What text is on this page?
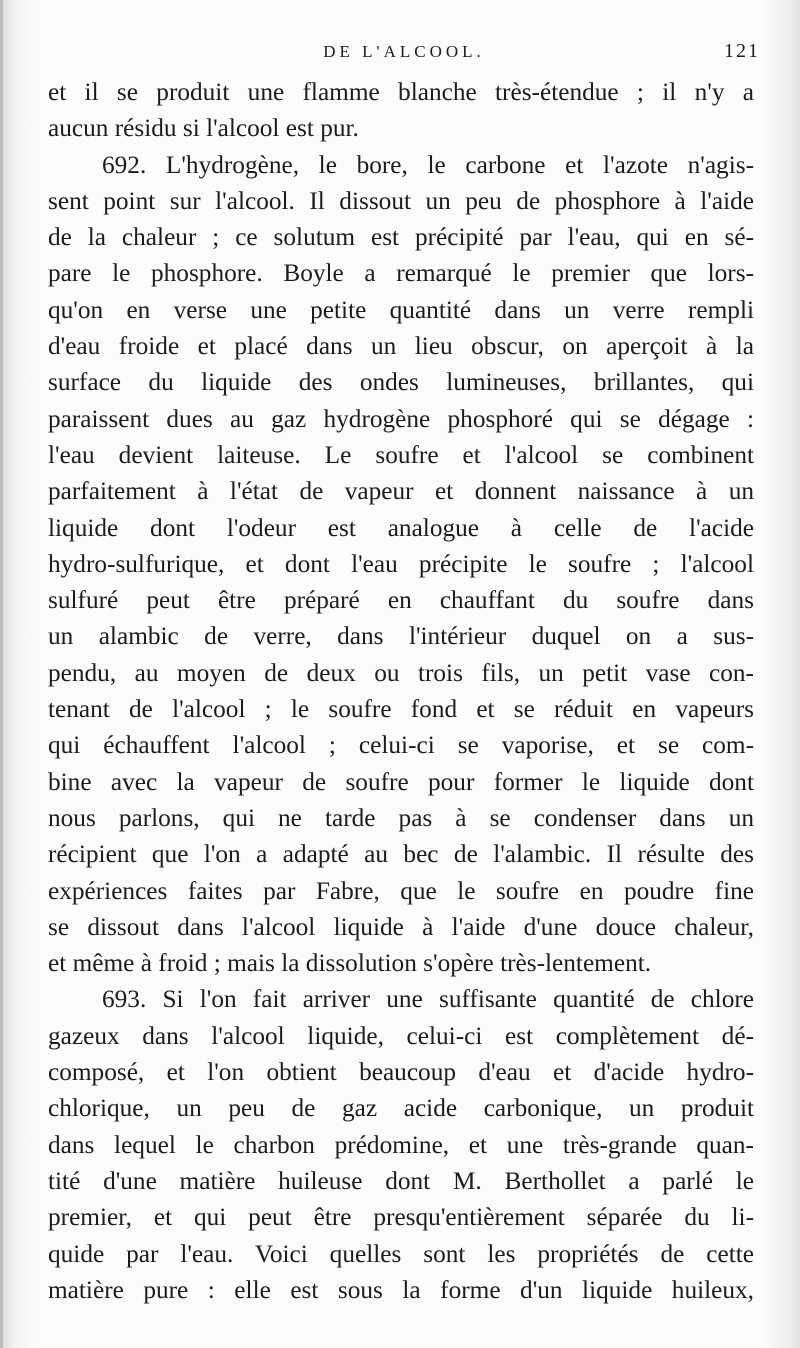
DE L'ALCOOL.	121
et il se produit une flamme blanche très-étendue ; il n'y a
aucun résidu si l'alcool est pur.
692. L'hydrogène, le bore, le carbone et l'azote n'agis-
sent point sur l'alcool. Il dissout un peu de phosphore à l'aide
de la chaleur ; ce solutum est précipité par l'eau, qui en sé-
pare le phosphore. Boyle a remarqué le premier que lors-
qu'on en verse une petite quantité dans un verre rempli
d'eau froide et placé dans un lieu obscur, on aperçoit à la
surface du liquide des ondes lumineuses, brillantes, qui
paraissent dues au gaz hydrogène phosphoré qui se dégage :
l'eau devient laiteuse. Le soufre et l'alcool se combinent
parfaitement à l'état de vapeur et donnent naissance à un
liquide dont l'odeur est analogue à celle de l'acide
hydro-sulfurique, et dont l'eau précipite le soufre ; l'alcool
sulfuré peut être préparé en chauffant du soufre dans
un alambic de verre, dans l'intérieur duquel on a sus-
pendu, au moyen de deux ou trois fils, un petit vase con-
tenant de l'alcool ; le soufre fond et se réduit en vapeurs
qui échauffent l'alcool ; celui-ci se vaporise, et se com-
bine avec la vapeur de soufre pour former le liquide dont
nous parlons, qui ne tarde pas à se condenser dans un
récipient que l'on a adapté au bec de l'alambic. Il résulte des
expériences faites par Fabre, que le soufre en poudre fine
se dissout dans l'alcool liquide à l'aide d'une douce chaleur,
et même à froid ; mais la dissolution s'opère très-lentement.
693. Si l'on fait arriver une suffisante quantité de chlore
gazeux dans l'alcool liquide, celui-ci est complètement dé-
composé, et l'on obtient beaucoup d'eau et d'acide hydro-
chlorique, un peu de gaz acide carbonique, un produit
dans lequel le charbon prédomine, et une très-grande quan-
tité d'une matière huileuse dont M. Berthollet a parlé le
premier, et qui peut être presqu'entièrement séparée du li-
quide par l'eau. Voici quelles sont les propriétés de cette
matière pure : elle est sous la forme d'un liquide huileux,
